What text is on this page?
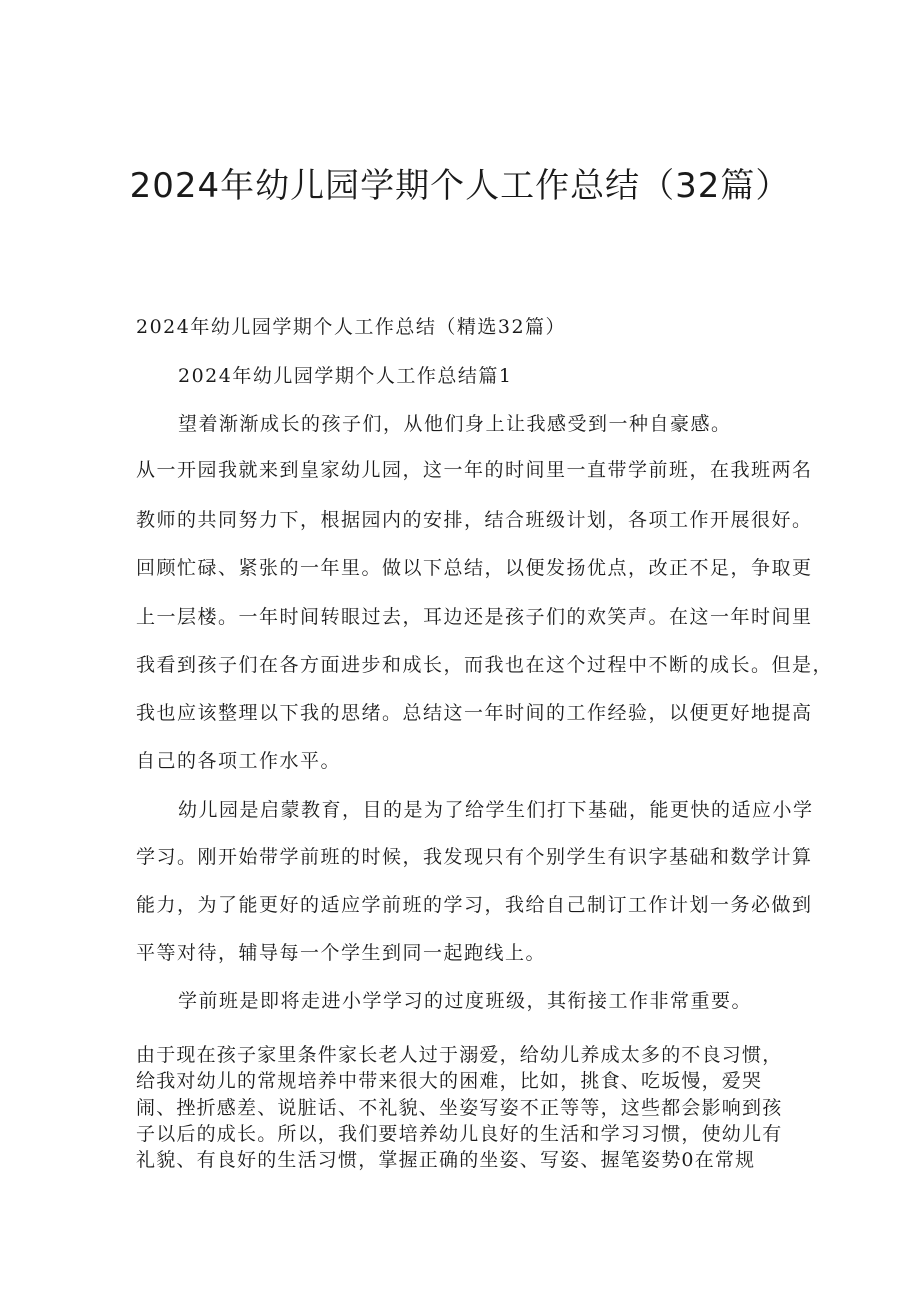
2024年幼儿园学期个人工作总结（32篇）
2024年幼儿园学期个人工作总结（精选32篇）
2024年幼儿园学期个人工作总结篇1
望着渐渐成长的孩子们，从他们身上让我感受到一种自豪感。
从一开园我就来到皇家幼儿园，这一年的时间里一直带学前班，在我班两名
教师的共同努力下，根据园内的安排，结合班级计划，各项工作开展很好。
回顾忙碌、紧张的一年里。做以下总结，以便发扬优点，改正不足，争取更
上一层楼。一年时间转眼过去，耳边还是孩子们的欢笑声。在这一年时间里
我看到孩子们在各方面进步和成长，而我也在这个过程中不断的成长。但是，
我也应该整理以下我的思绪。总结这一年时间的工作经验，以便更好地提高
自己的各项工作水平。
幼儿园是启蒙教育，目的是为了给学生们打下基础，能更快的适应小学
学习。刚开始带学前班的时候，我发现只有个别学生有识字基础和数学计算
能力，为了能更好的适应学前班的学习，我给自己制订工作计划一务必做到
平等对待，辅导每一个学生到同一起跑线上。
学前班是即将走进小学学习的过度班级，其衔接工作非常重要。
由于现在孩子家里条件家长老人过于溺爱，给幼儿养成太多的不良习惯，
给我对幼儿的常规培养中带来很大的困难，比如，挑食、吃坂慢，爱哭
闹、挫折感差、说脏话、不礼貌、坐姿写姿不正等等，这些都会影响到孩
子以后的成长。所以，我们要培养幼儿良好的生活和学习习惯，使幼儿有
礼貌、有良好的生活习惯，掌握正确的坐姿、写姿、握笔姿势0在常规
